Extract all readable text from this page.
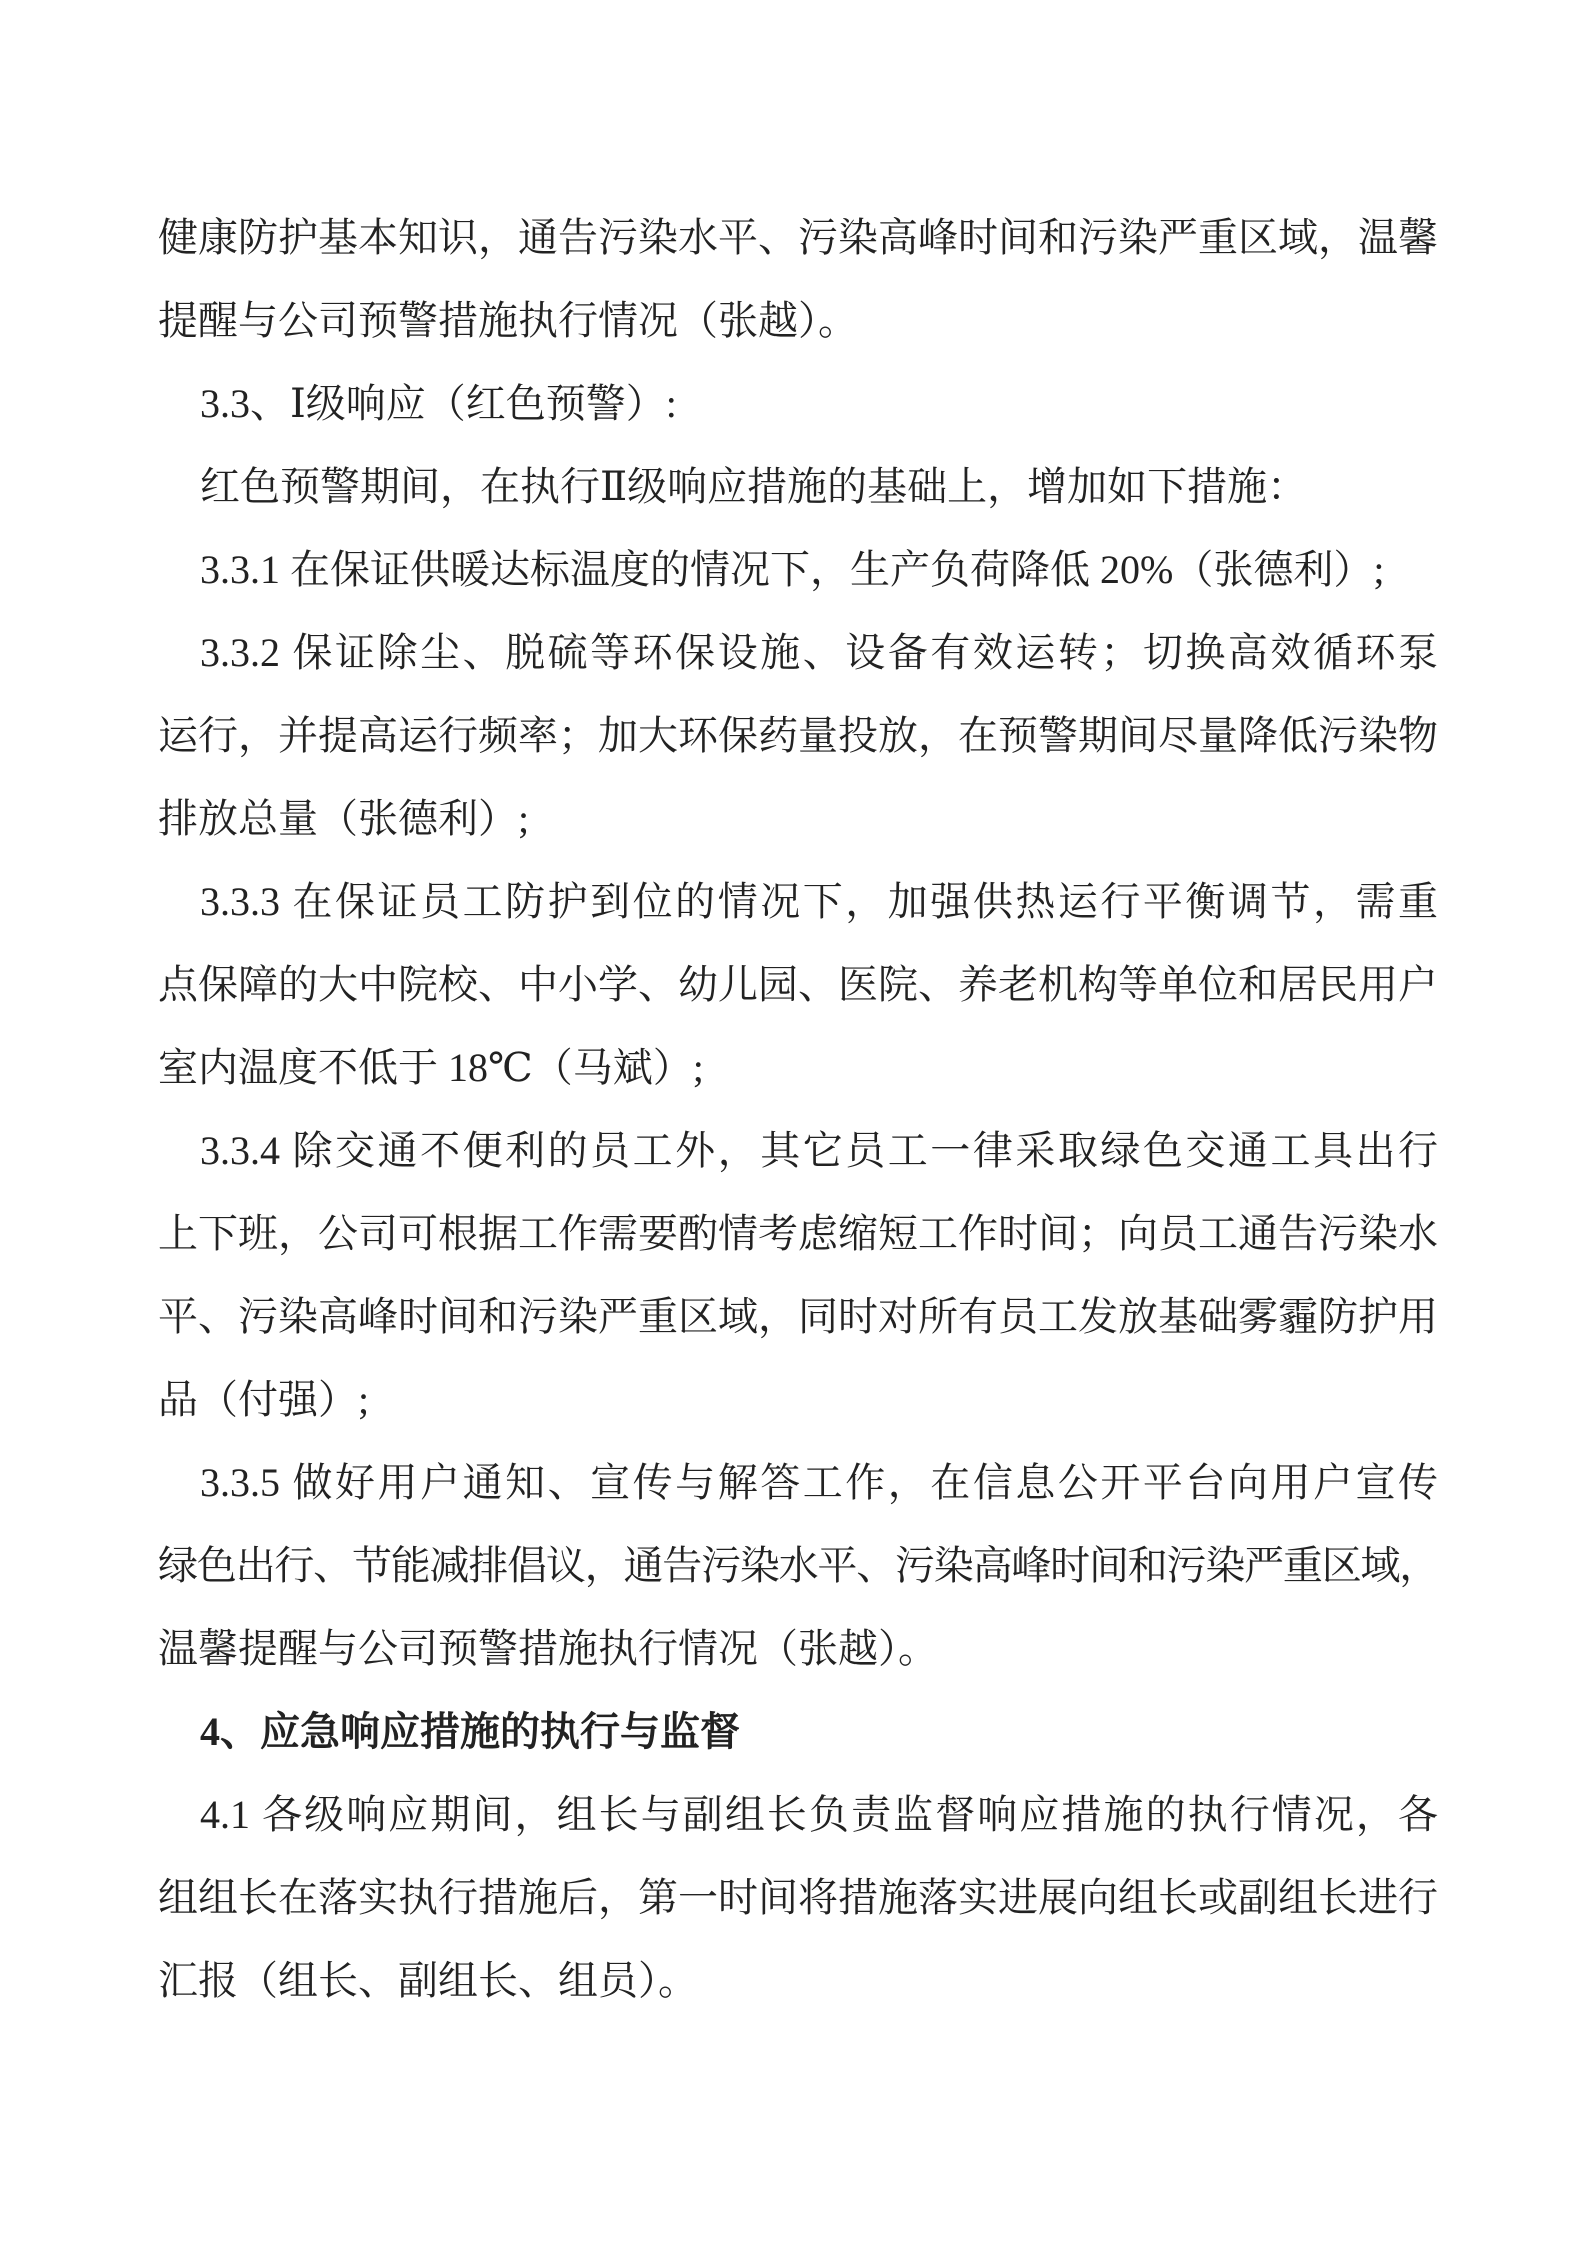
健康防护基本知识，通告污染水平、污染高峰时间和污染严重区域，温馨
提醒与公司预警措施执行情况（张越）。
3.3、Ⅰ级响应（红色预警）:
红色预警期间，在执行Ⅱ级响应措施的基础上，增加如下措施：
3.3.1 在保证供暖达标温度的情况下，生产负荷降低 20%（张德利）;
3.3.2 保证除尘、脱硫等环保设施、设备有效运转；切换高效循环泵
运行，并提高运行频率；加大环保药量投放，在预警期间尽量降低污染物
排放总量（张德利）;
3.3.3 在保证员工防护到位的情况下，加强供热运行平衡调节，需重
点保障的大中院校、中小学、幼儿园、医院、养老机构等单位和居民用户
室内温度不低于 18℃（马斌）;
3.3.4 除交通不便利的员工外，其它员工一律采取绿色交通工具出行
上下班，公司可根据工作需要酌情考虑缩短工作时间；向员工通告污染水
平、污染高峰时间和污染严重区域，同时对所有员工发放基础雾霾防护用
品（付强）;
3.3.5 做好用户通知、宣传与解答工作，在信息公开平台向用户宣传
绿色出行、节能减排倡议，通告污染水平、污染高峰时间和污染严重区域，
温馨提醒与公司预警措施执行情况（张越）。
4、应急响应措施的执行与监督
4.1 各级响应期间，组长与副组长负责监督响应措施的执行情况，各
组组长在落实执行措施后，第一时间将措施落实进展向组长或副组长进行
汇报（组长、副组长、组员）。
